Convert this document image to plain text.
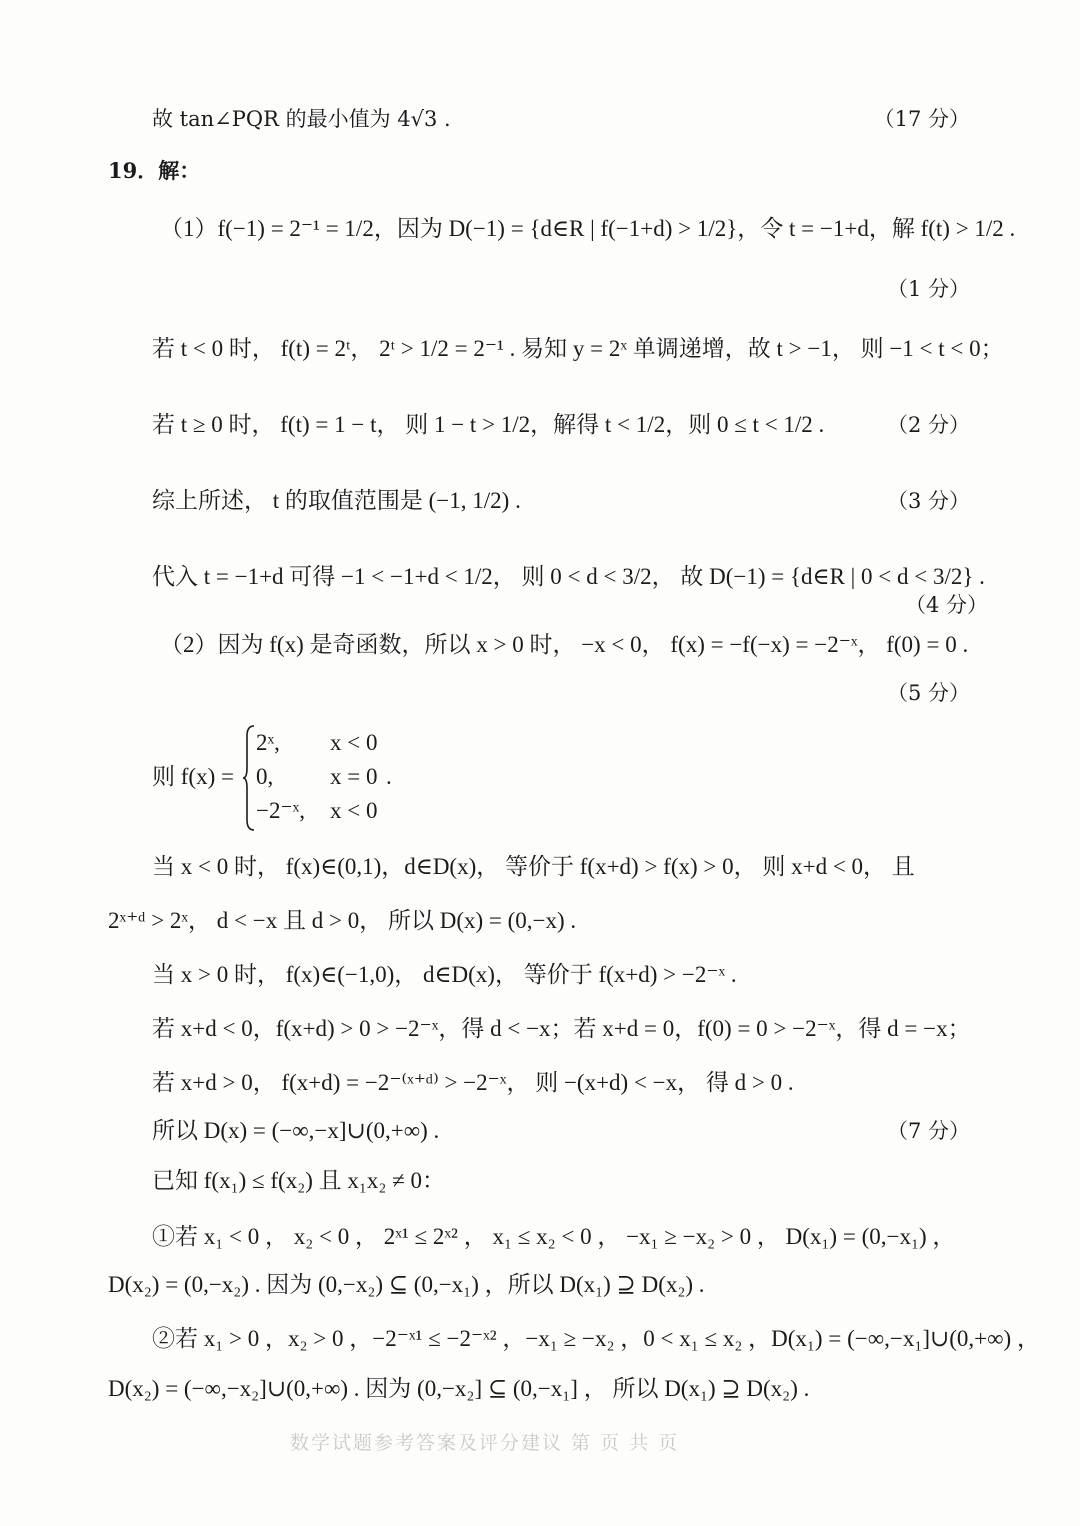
故 tan∠PQR 的最小值为 4√3 .	（17 分）
19．解：
（1）f(−1) = 2⁻¹ = 1/2，因为 D(−1) = {d∈R | f(−1+d) > 1/2}，令 t = −1+d，解 f(t) > 1/2 .
（1 分）
若 t < 0 时， f(t) = 2ᵗ， 2ᵗ > 1/2 = 2⁻¹ . 易知 y = 2ˣ 单调递增，故 t > −1， 则 −1 < t < 0；
若 t ≥ 0 时， f(t) = 1 − t， 则 1 − t > 1/2，解得 t < 1/2，则 0 ≤ t < 1/2 .	（2 分）
综上所述， t 的取值范围是 (−1, 1/2) .	（3 分）
代入 t = −1+d 可得 −1 < −1+d < 1/2， 则 0 < d < 3/2， 故 D(−1) = {d∈R | 0 < d < 3/2} .
（4 分）
（2）因为 f(x) 是奇函数，所以 x > 0 时， −x < 0， f(x) = −f(−x) = −2⁻ˣ， f(0) = 0 .
（5 分）
则 f(x) =
2ˣ,
0,
−2⁻ˣ,
x < 0
x = 0
x < 0
.
当 x < 0 时， f(x)∈(0,1)，d∈D(x)， 等价于 f(x+d) > f(x) > 0， 则 x+d < 0， 且
2ˣ⁺ᵈ > 2ˣ， d < −x 且 d > 0， 所以 D(x) = (0,−x) .
当 x > 0 时， f(x)∈(−1,0)， d∈D(x)， 等价于 f(x+d) > −2⁻ˣ .
若 x+d < 0，f(x+d) > 0 > −2⁻ˣ，得 d < −x；若 x+d = 0，f(0) = 0 > −2⁻ˣ，得 d = −x；
若 x+d > 0， f(x+d) = −2⁻⁽ˣ⁺ᵈ⁾ > −2⁻ˣ， 则 −(x+d) < −x， 得 d > 0 .
所以 D(x) = (−∞,−x]∪(0,+∞) .	（7 分）
已知 f(x₁) ≤ f(x₂) 且 x₁x₂ ≠ 0：
①若 x₁ < 0 ， x₂ < 0 ， 2ˣ¹ ≤ 2ˣ² ， x₁ ≤ x₂ < 0 ， −x₁ ≥ −x₂ > 0 ， D(x₁) = (0,−x₁) ，
D(x₂) = (0,−x₂) . 因为 (0,−x₂) ⊆ (0,−x₁) ，所以 D(x₁) ⊇ D(x₂) .
②若 x₁ > 0 ，x₂ > 0 ，−2⁻ˣ¹ ≤ −2⁻ˣ² ，−x₁ ≥ −x₂ ，0 < x₁ ≤ x₂ ，D(x₁) = (−∞,−x₁]∪(0,+∞) ，
D(x₂) = (−∞,−x₂]∪(0,+∞) . 因为 (0,−x₂] ⊆ (0,−x₁] ， 所以 D(x₁) ⊇ D(x₂) .
数学试题参考答案及评分建议 第 页 共 页
